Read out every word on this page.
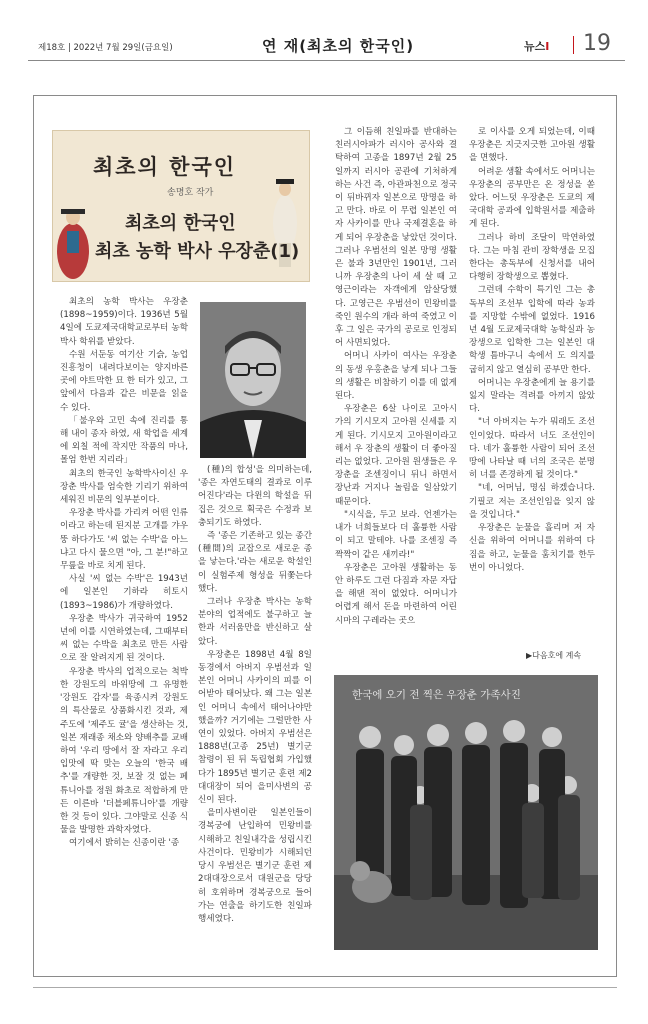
제18호 | 2022년 7월 29일(금요일)	연 재(최초의 한국인)	뉴스I 19
최초의 한국인
송명호 작가
최초의 한국인
최초 농학 박사 우장춘(1)
한국에 오기 전 찍은 우장춘 가족사진

최초의 농학 박사는 우장춘(1898~1959)이다. 1936년 5월 4일에 도쿄제국대학교로부터 농학박사 학위를 받았다.

수원 서둔동 여기산 기슭, 농업진흥청이 내려다보이는 양지바른 곳에 야트막한 묘 한 터가 있고, 그 앞에서 다음과 같은 비문을 읽을 수 있다.

「불우와 고민 속에 진리를 통해 내이 종자 하였, 새 학업을 세계 에 외칠 적에 작지만 작품의 마나, 몰엄 한번 지리라」

최초의 한국인 농학박사이신 우장춘 박사를 엄숙한 기리기 위하여 세워진 비문의 일부분이다.

우장춘 박사를 가리켜 어떤 인류이라고 하는데 된지분 고개를 갸우뚱 하다가도 '씨 없는 수박'을 아느냐고 다시 물으면 "아, 그 분!"하고 무릎을 바로 치게 된다.

사실 '씨 없는 수박'은 1943년에 일본인 기하라 히토시(1893~1986)가 개량하였다.

우장춘 박사가 귀국하여 1952년에 이를 시연하였는데, 그때부터 씨 없는 수박을 최초로 만든 사람으로 잘 알려지게 된 것이다.

우장춘 박사의 업적으로는 척박한 강원도의 바위땅에 그 유명한 '강원도 감자'를 육종시켜 강원도의 특산물로 상품화시킨 것과, 제주도에 '제주도 귤'을 생산하는 것, 일본 재래종 채소와 양배추를 교배하여 '우리 땅에서 잘 자라고 우리 입맛에 딱 맞는 오늘의 '한국 배추'를 개량한 것, 보잘 것 없는 페튜니아를 정원 화초로 적합하게 만든 이른바 '더블페튜니아'를 개량한 것 등이 있다. 그야말로 신종 식물을 발명한 과학자였다.

여기에서 밝히는 신종이란 '종

(種)의 합성'을 의미하는데, '종은 자연도태의 결과로 이루어진다'라는 다윈의 학설을 뒤집은 것으로 획국은 수정과 보충되기도 하였다.

즉 '종은 기존하고 있는 종간(種間)의 교잡으로 새로운 종을 낳는다.'라는 새로운 학설인 이 실험주제 형성을 뒤쫓는다 했다.

그러나 우장춘 박사는 농학 분야의 업적에도 불구하고 늘 한과 서러움만을 반신하고 살았다.

우장춘은 1898년 4월 8일 동경에서 아버지 우범선과 일본인 어머니 사카이의 피를 이어받아 태어났다. 왜 그는 일본인 어머니 속에서 태어나야만 했을까? 거기에는 그럴만한 사연이 있었다. 아버지 우범선은 1888년(고종 25년) 별기군 참령이 된 뒤 독립협회 가입했다가 1895년 별기군 훈련 제2대대장이 되어 을미사변의 공신이 된다.

을미사변이란 일본인들이 경복궁에 난입하여 민왕비를 시해하고 친일내각을 성립시킨 사건이다. 민왕비가 시해되던 당시 우범선은 별기군 훈련 제2대대장으로서 대원군을 당당히 호위하며 경복궁으로 들어가는 연출을 하기도한 친일파 행세였다.

그 이듬해 친일파를 반대하는 친러시아파가 러시아 공사와 결탁하여 고종을 1897년 2월 25일까지 러시아 공관에 기처하게 하는 사건 즉, 아관파천으로 정국이 뒤바뀌자 일본으로 망명을 하고 만다. 바로 이 무렵 일본인 여자 사카이를 만나 국제결혼을 하게 되어 우장춘을 낳았던 것이다. 그러나 우범선의 일본 망명 생활은 불과 3년만인 1901년, 그러니까 우장춘의 나이 세 살 때 고영근이라는 자객에게 암살당했다. 고영근은 우범선이 민왕비를 죽인 원수의 개라 하여 죽였고 이후 그 일은 국가의 공로로 인정되어 사면되었다.

어머니 사카이 여사는 우장춘의 동생 우홍춘을 낳게 되나 그들의 생활은 비참하기 이를 데 없게 된다.

우장춘은 6살 나이로 고아시가의 기시모지 고아원 신세를 지게 된다. 기시모지 고아원이라고 해서 우 장춘의 생활이 더 좋아질 리는 없었다. 고아원 원생들은 우장춘을 조센징이니 뒤니 하면서 장난과 거지나 놀림을 일삼았기 때문이다.

"시식을, 두고 보라. 언젠가는 내가 너희들보다 더 훌륭한 사람이 되고 말테야. 나를 조센징 즉 짝짝이 같은 새끼라!"

우장춘은 고아원 생활하는 동안 하루도 그런 다짐과 자문 자답을 해댄 적이 없었다. 어머니가 어렵게 해서 돈을 마련하여 어린시마의 구레라는 곳으

로 이사를 오게 되었는데, 이때 우장춘은 지긋지긋한 고아원 생활을 면했다.

어려운 생활 속에서도 어머니는 우장춘의 공부만은 온 정성을 쏟았다. 어느덧 우장춘은 도쿄의 제국대학 공과에 입학원서를 제출하게 된다.

그러나 하비 조달이 막연하였다. 그는 마침 관비 장학생을 모집한다는 총독부에 신청서를 내어 다행히 장학생으로 뽑혔다.

그런데 수학이 특기인 그는 총독부의 조선부 입학에 따라 농과를 지망할 수밖에 없었다. 1916년 4월 도쿄제국대학 농학실과 농장생으로 입학한 그는 일본인 대학생 틈바구니 속에서 도 의지를 굽히지 않고 열심히 공부만 한다.

어머니는 우장춘에게 늘 용기를 잃지 말라는 격려를 아끼지 않았다.

"너 아버지는 누가 뭐래도 조선인이었다. 따라서 너도 조선인이다. 네가 훌륭한 사람이 되어 조선 땅에 나타날 때 너의 조국은 분명히 너를 존경하게 될 것이다."

"네, 어머님, 명심 하겠습니다. 기필코 저는 조선인임을 잊지 않을 것입니다."

우장춘은 눈물을 흘리며 저 자신을 위하여 어머니를 위하여 다짐을 하고, 눈물을 훔치기를 한두 번이 아니었다.

▶다음호에 계속
